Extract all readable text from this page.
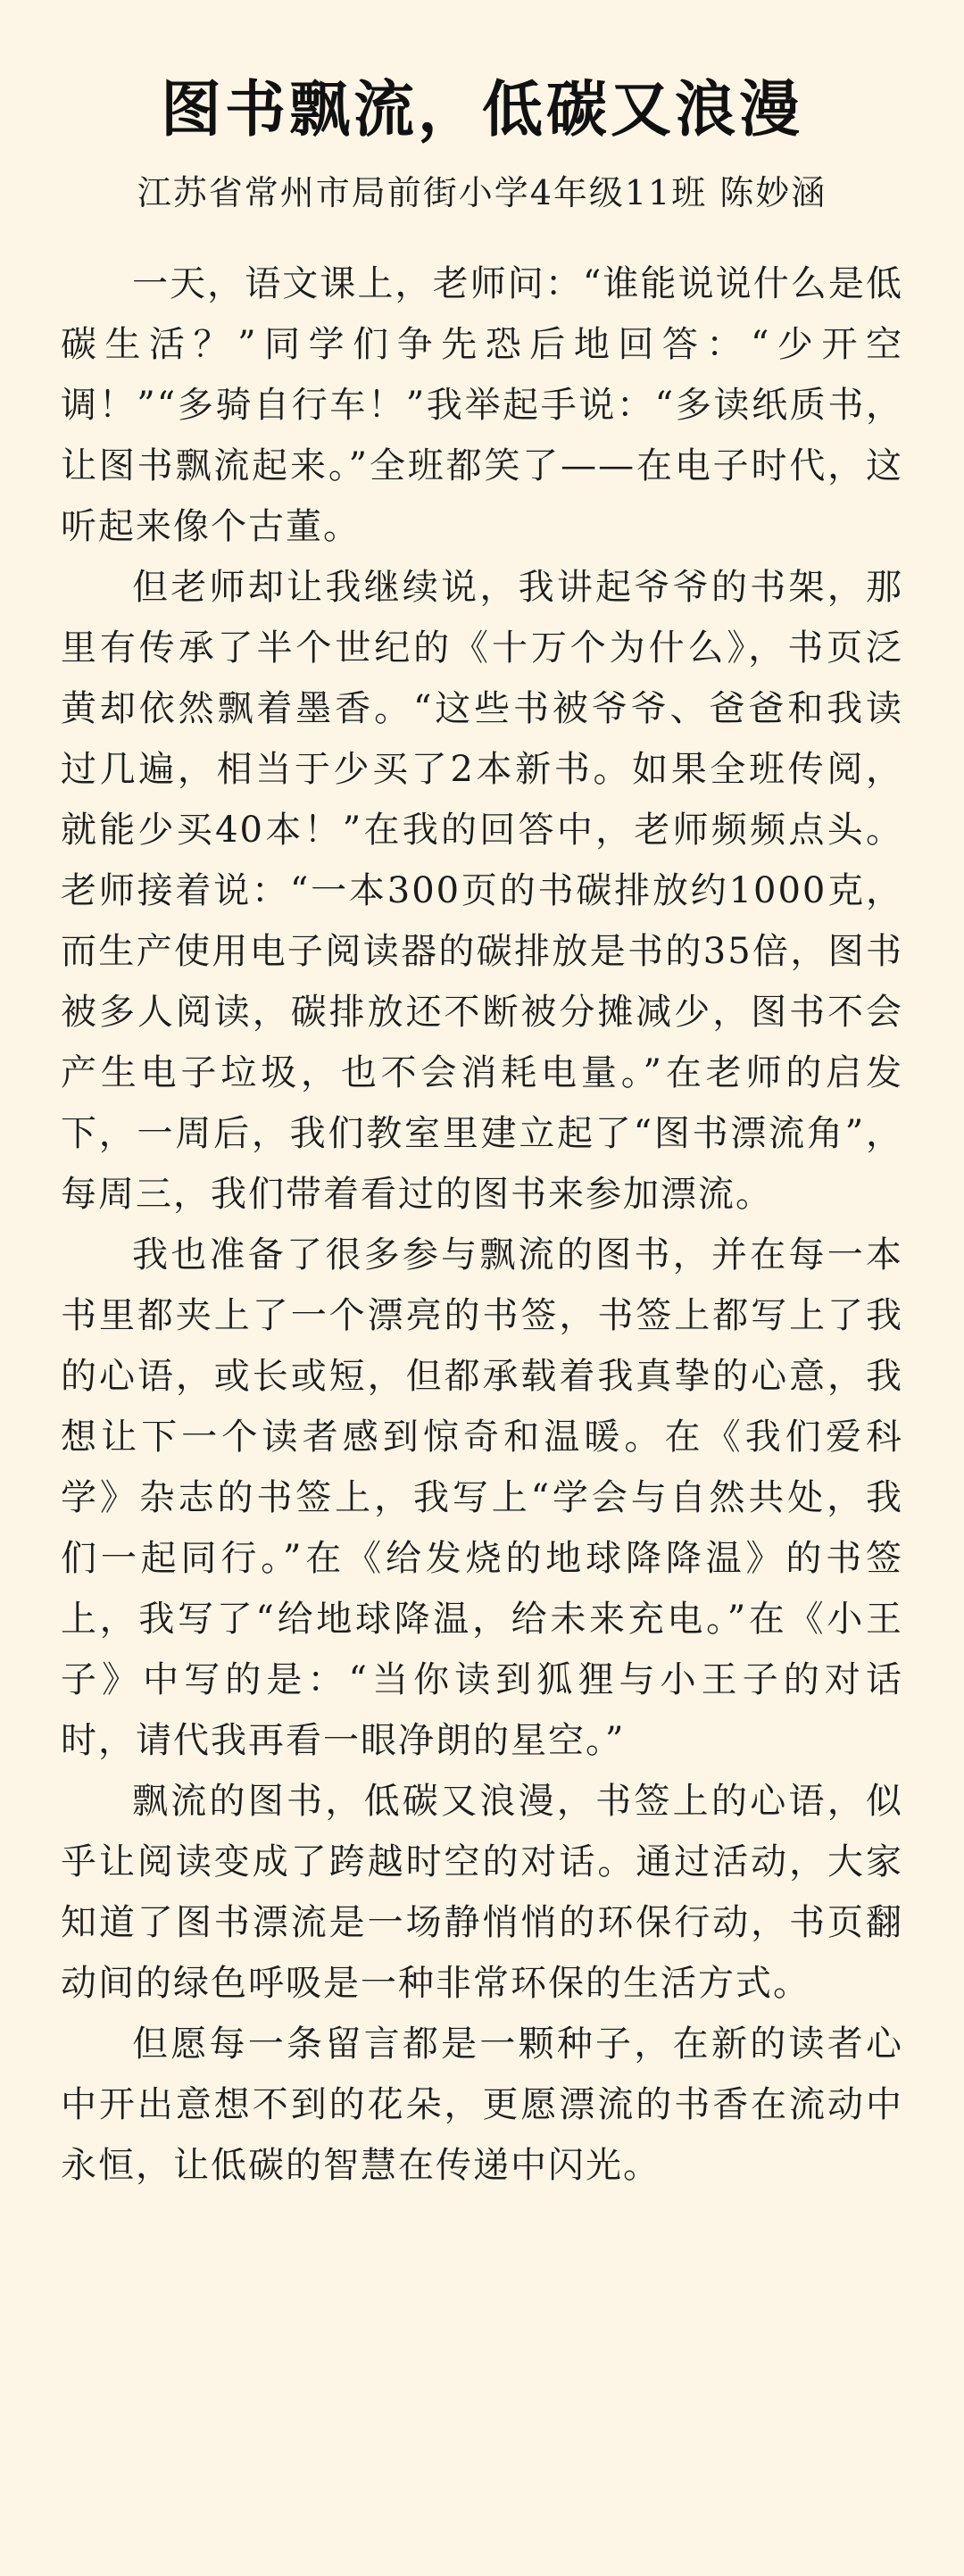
图书飘流，低碳又浪漫
江苏省常州市局前街小学4年级11班 陈妙涵

一天，语文课上，老师问：“谁能说说什么是低碳生活？”同学们争先恐后地回答：“少开空调！”“多骑自行车！”我举起手说：“多读纸质书，让图书飘流起来。”全班都笑了——在电子时代，这听起来像个古董。

但老师却让我继续说，我讲起爷爷的书架，那里有传承了半个世纪的《十万个为什么》，书页泛黄却依然飘着墨香。“这些书被爷爷、爸爸和我读过几遍，相当于少买了2本新书。如果全班传阅，就能少买40本！”在我的回答中，老师频频点头。老师接着说：“一本300页的书碳排放约1000克，而生产使用电子阅读器的碳排放是书的35倍，图书被多人阅读，碳排放还不断被分摊减少，图书不会产生电子垃圾，也不会消耗电量。”在老师的启发下，一周后，我们教室里建立起了“图书漂流角”，每周三，我们带着看过的图书来参加漂流。

我也准备了很多参与飘流的图书，并在每一本书里都夹上了一个漂亮的书签，书签上都写上了我的心语，或长或短，但都承载着我真挚的心意，我想让下一个读者感到惊奇和温暖。在《我们爱科学》杂志的书签上，我写上“学会与自然共处，我们一起同行。”在《给发烧的地球降降温》的书签上，我写了“给地球降温，给未来充电。”在《小王子》中写的是：“当你读到狐狸与小王子的对话时，请代我再看一眼净朗的星空。”

飘流的图书，低碳又浪漫，书签上的心语，似乎让阅读变成了跨越时空的对话。通过活动，大家知道了图书漂流是一场静悄悄的环保行动，书页翻动间的绿色呼吸是一种非常环保的生活方式。

但愿每一条留言都是一颗种子，在新的读者心中开出意想不到的花朵，更愿漂流的书香在流动中永恒，让低碳的智慧在传递中闪光。
